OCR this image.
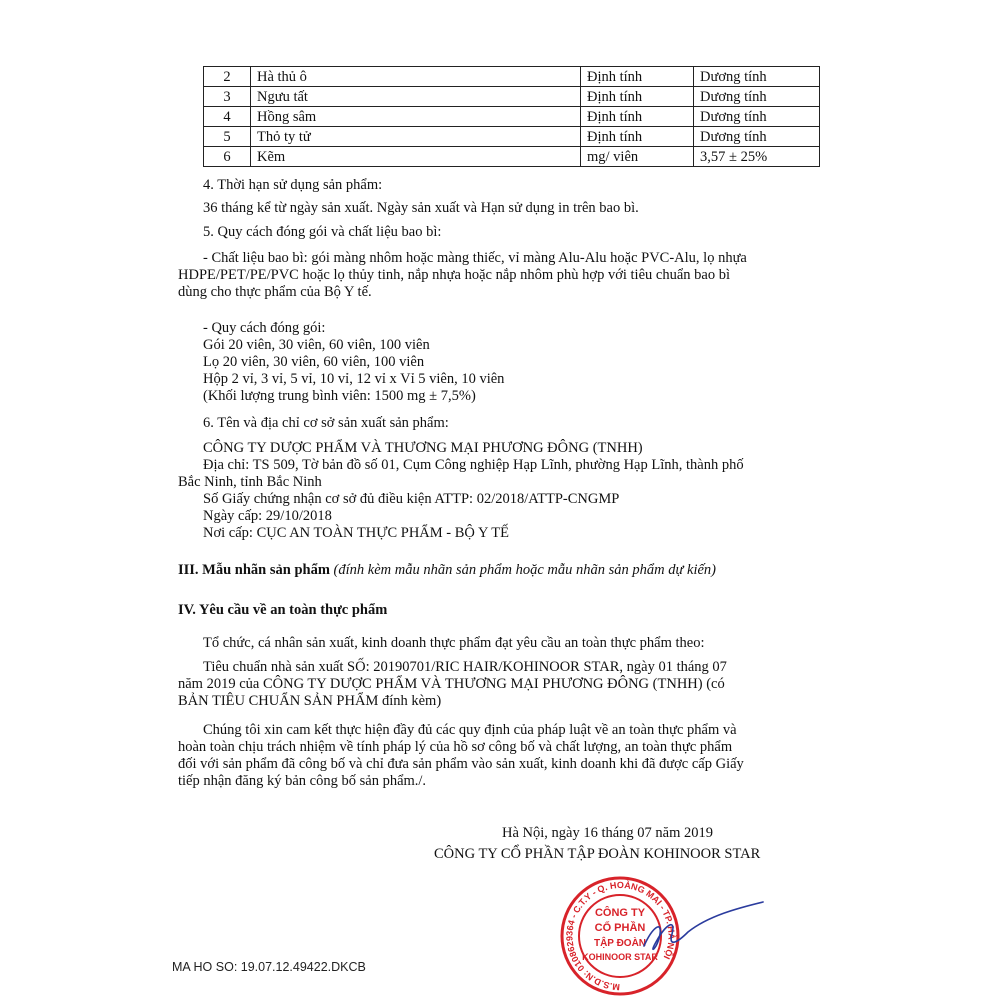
2	Hà thủ ô	Định tính	Dương tính
3	Ngưu tất	Định tính	Dương tính
4	Hồng sâm	Định tính	Dương tính
5	Thỏ ty tử	Định tính	Dương tính
6	Kẽm	mg/ viên	3,57 ± 25%
4. Thời hạn sử dụng sản phẩm:
36 tháng kể từ ngày sản xuất. Ngày sản xuất và Hạn sử dụng in trên bao bì.
5. Quy cách đóng gói và chất liệu bao bì:
- Chất liệu bao bì: gói màng nhôm hoặc màng thiếc, vỉ màng Alu-Alu hoặc PVC-Alu, lọ nhựa
HDPE/PET/PE/PVC hoặc lọ thủy tinh, nắp nhựa hoặc nắp nhôm phù hợp với tiêu chuẩn bao bì
dùng cho thực phẩm của Bộ Y tế.
- Quy cách đóng gói:
Gói 20 viên, 30 viên, 60 viên, 100 viên
Lọ 20 viên, 30 viên, 60 viên, 100 viên
Hộp 2 vỉ, 3 vỉ, 5 vỉ, 10 vỉ, 12 vỉ x Vỉ 5 viên, 10 viên
(Khối lượng trung bình viên: 1500 mg ± 7,5%)
6. Tên và địa chỉ cơ sở sản xuất sản phẩm:
CÔNG TY DƯỢC PHẨM VÀ THƯƠNG MẠI PHƯƠNG ĐÔNG (TNHH)
Địa chỉ: TS 509, Tờ bản đồ số 01, Cụm Công nghiệp Hạp Lĩnh, phường Hạp Lĩnh, thành phố
Bắc Ninh, tỉnh Bắc Ninh
Số Giấy chứng nhận cơ sở đủ điều kiện ATTP: 02/2018/ATTP-CNGMP
Ngày cấp: 29/10/2018
Nơi cấp: CỤC AN TOÀN THỰC PHẨM - BỘ Y TẾ
III. Mẫu nhãn sản phẩm (đính kèm mẫu nhãn sản phẩm hoặc mẫu nhãn sản phẩm dự kiến)
IV. Yêu cầu về an toàn thực phẩm
Tổ chức, cá nhân sản xuất, kinh doanh thực phẩm đạt yêu cầu an toàn thực phẩm theo:
Tiêu chuẩn nhà sản xuất SỐ: 20190701/RIC HAIR/KOHINOOR STAR, ngày 01 tháng 07
năm 2019 của CÔNG TY DƯỢC PHẨM VÀ THƯƠNG MẠI PHƯƠNG ĐÔNG (TNHH) (có
BẢN TIÊU CHUẨN SẢN PHẨM đính kèm)
Chúng tôi xin cam kết thực hiện đầy đủ các quy định của pháp luật về an toàn thực phẩm và
hoàn toàn chịu trách nhiệm về tính pháp lý của hồ sơ công bố và chất lượng, an toàn thực phẩm
đối với sản phẩm đã công bố và chỉ đưa sản phẩm vào sản xuất, kinh doanh khi đã được cấp Giấy
tiếp nhận đăng ký bản công bố sản phẩm./.
Hà Nội, ngày 16 tháng 07 năm 2019
CÔNG TY CỔ PHẦN TẬP ĐOÀN KOHINOOR STAR
M.S.D.N: 0108629364 - C.T.Y - Q. HOÀNG MAI - TP. HÀ NỘI
CÔNG TY
CỔ PHẦN
TẬP ĐOÀN
KOHINOOR STAR
MA HO SO: 19.07.12.49422.DKCB
